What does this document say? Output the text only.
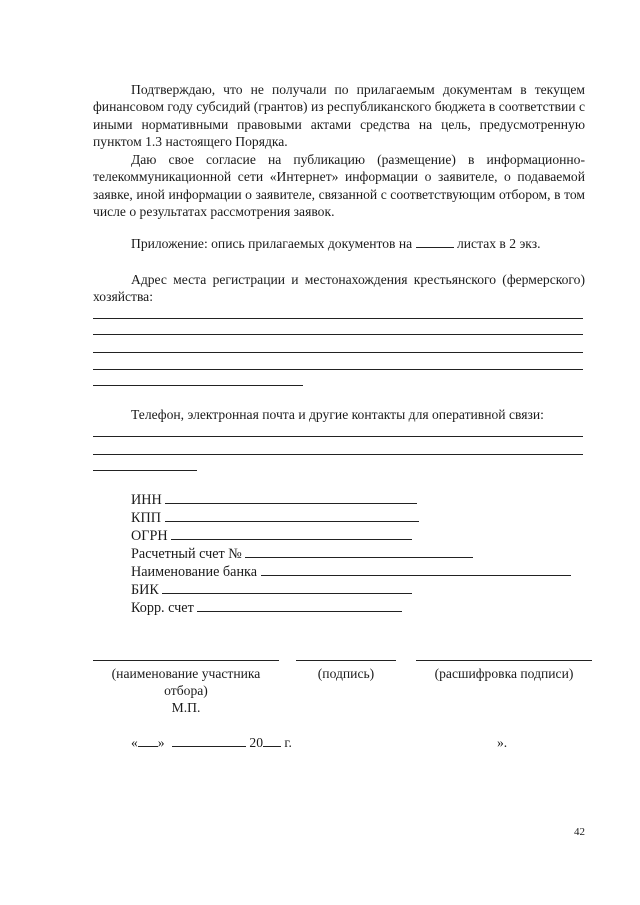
Подтверждаю, что не получали по прилагаемым документам в текущем финансовом году субсидий (грантов) из республиканского бюджета в соответствии с иными нормативными правовыми актами средства на цель, предусмотренную пунктом 1.3 настоящего Порядка.
Даю свое согласие на публикацию (размещение) в информационно-телекоммуникационной сети «Интернет» информации о заявителе, о подаваемой заявке, иной информации о заявителе, связанной с соответствующим отбором, в том числе о результатах рассмотрения заявок.
Приложение: опись прилагаемых документов на	листах в 2 экз.
Адрес места регистрации и местонахождения крестьянского (фермерского) хозяйства:
Телефон, электронная почта и другие контакты для оперативной связи:
ИНН
КПП
ОГРН
Расчетный счет №
Наименование банка
БИК
Корр. счет
(наименование участника
отбора)
М.П.
(подпись)	(расшифровка подписи)
« »	20 г.	».
42
